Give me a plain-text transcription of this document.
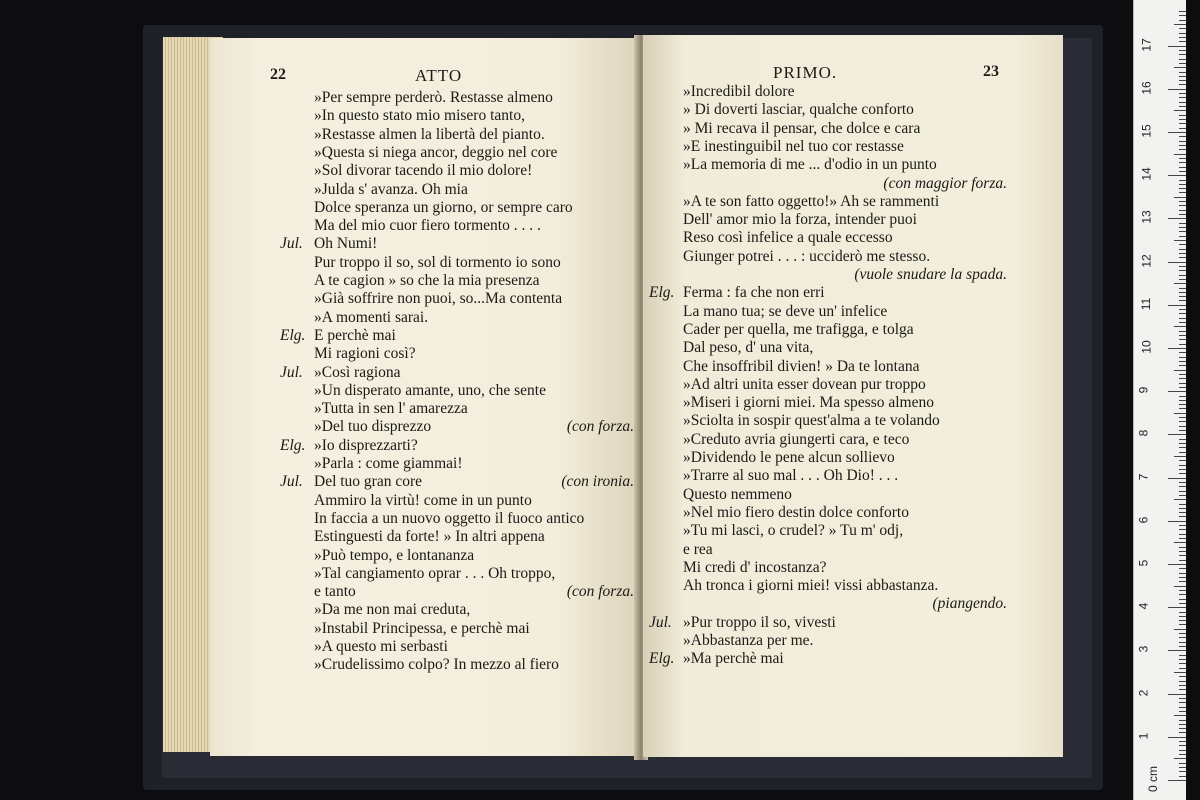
22	ATTO
»Per sempre perderò. Restasse almeno
»In questo stato mio misero tanto,
»Restasse almen la libertà del pianto.
»Questa si niega ancor, deggio nel core
»Sol divorar tacendo il mio dolore!
»Julda s' avanza. Oh mia
Dolce speranza un giorno, or sempre caro
Ma del mio cuor fiero tormento . . . .
Jul. Oh Numi!
Pur troppo il so, sol di tormento io sono
A te cagion » so che la mia presenza
»Già soffrire non puoi, so...Ma contenta
»A momenti sarai.
Elg. E perchè mai
Mi ragioni così?
Jul. »Così ragiona
»Un disperato amante, uno, che sente
»Tutta in sen l' amarezza
»Del tuo disprezzo	(con forza.
Elg. »Io disprezzarti?
»Parla : come giammai!
Jul. Del tuo gran core	(con ironia.
Ammiro la virtù! come in un punto
In faccia a un nuovo oggetto il fuoco antico
Estinguesti da forte! » In altri appena
»Può tempo, e lontananza
»Tal cangiamento oprar . . . Oh troppo,
e tanto	(con forza.
»Da me non mai creduta,
»Instabil Principessa, e perchè mai
»A questo mi serbasti
»Crudelissimo colpo? In mezzo al fiero
PRIMO.	23
»Incredibil dolore
» Di doverti lasciar, qualche conforto
» Mi recava il pensar, che dolce e cara
»E inestinguibil nel tuo cor restasse
»La memoria di me ... d'odio in un punto
(con maggior forza.
»A te son fatto oggetto!» Ah se rammenti
Dell' amor mio la forza, intender puoi
Reso così infelice a quale eccesso
Giunger potrei . . . : ucciderò me stesso.
(vuole snudare la spada.
Elg. Ferma : fa che non erri
La mano tua; se deve un' infelice
Cader per quella, me trafigga, e tolga
Dal peso, d' una vita,
Che insoffribil divien! » Da te lontana
»Ad altri unita esser dovean pur troppo
»Miseri i giorni miei. Ma spesso almeno
»Sciolta in sospir quest'alma a te volando
»Creduto avria giungerti cara, e teco
»Dividendo le pene alcun sollievo
»Trarre al suo mal . . . Oh Dio! . . .
Questo nemmeno
»Nel mio fiero destin dolce conforto
»Tu mi lasci, o crudel? » Tu m' odj,
e rea
Mi credi d' incostanza?
Ah tronca i giorni miei! vissi abbastanza.
(piangendo.
Jul. »Pur troppo il so, vivesti
»Abbastanza per me.
Elg. »Ma perchè mai
0 cm
1
2
3
4
5
6
7
8
9
10
11
12
13
14
15
16
17
